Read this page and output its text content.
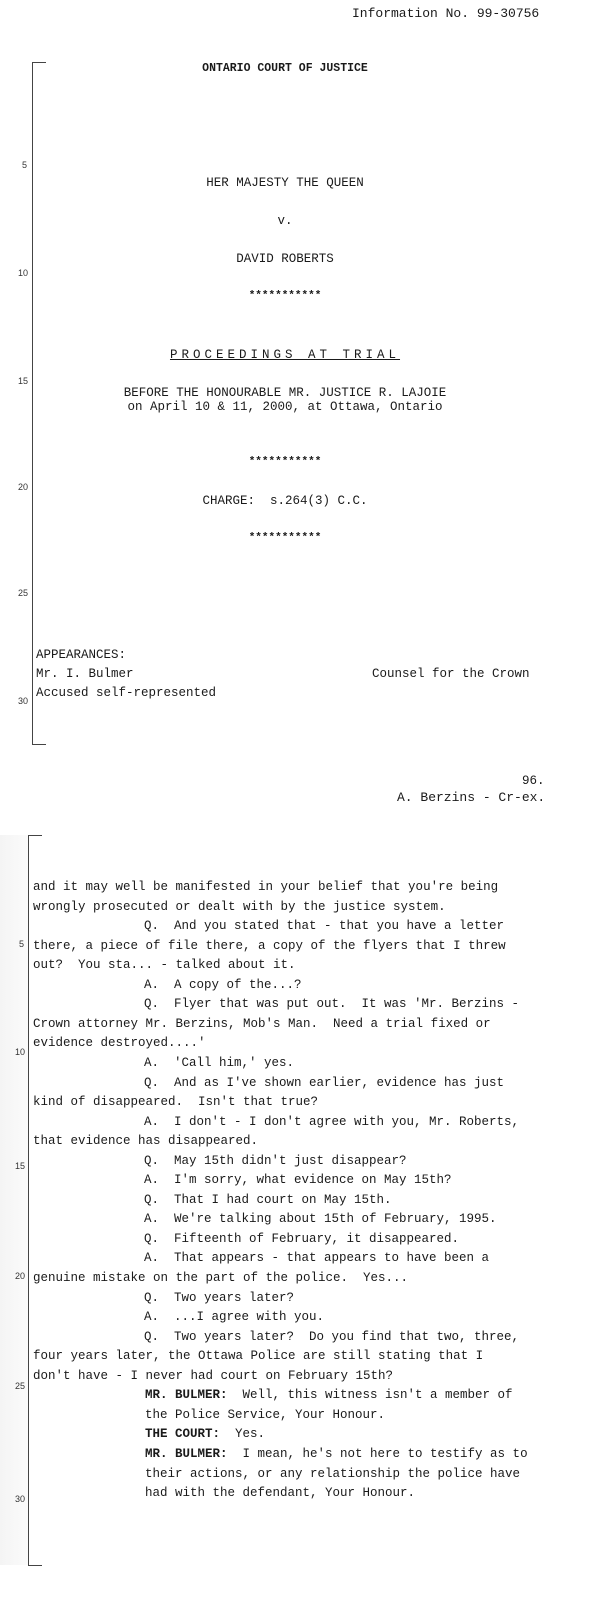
Information No. 99-30756
5
10
15
20
25
30
ONTARIO COURT OF JUSTICE
HER MAJESTY THE QUEEN
v.
DAVID ROBERTS
***********
PROCEEDINGS AT TRIAL
BEFORE THE HONOURABLE MR. JUSTICE R. LAJOIE
on April 10 & 11, 2000, at Ottawa, Ontario
***********
CHARGE:  s.264(3) C.C.
***********
APPEARANCES:
Mr. I. Bulmer	Counsel for the Crown
Accused self-represented
96.
A. Berzins - Cr-ex.
5
10
15
20
25
30
and it may well be manifested in your belief that you're being
wrongly prosecuted or dealt with by the justice system.
Q.  And you stated that - that you have a letter
there, a piece of file there, a copy of the flyers that I threw
out?  You sta... - talked about it.
A.  A copy of the...?
Q.  Flyer that was put out.  It was 'Mr. Berzins -
Crown attorney Mr. Berzins, Mob's Man.  Need a trial fixed or
evidence destroyed....'
A.  'Call him,' yes.
Q.  And as I've shown earlier, evidence has just
kind of disappeared.  Isn't that true?
A.  I don't - I don't agree with you, Mr. Roberts,
that evidence has disappeared.
Q.  May 15th didn't just disappear?
A.  I'm sorry, what evidence on May 15th?
Q.  That I had court on May 15th.
A.  We're talking about 15th of February, 1995.
Q.  Fifteenth of February, it disappeared.
A.  That appears - that appears to have been a
genuine mistake on the part of the police.  Yes...
Q.  Two years later?
A.  ...I agree with you.
Q.  Two years later?  Do you find that two, three,
four years later, the Ottawa Police are still stating that I
don't have - I never had court on February 15th?
MR. BULMER:  Well, this witness isn't a member of
the Police Service, Your Honour.
THE COURT:  Yes.
MR. BULMER:  I mean, he's not here to testify as to
their actions, or any relationship the police have
had with the defendant, Your Honour.
